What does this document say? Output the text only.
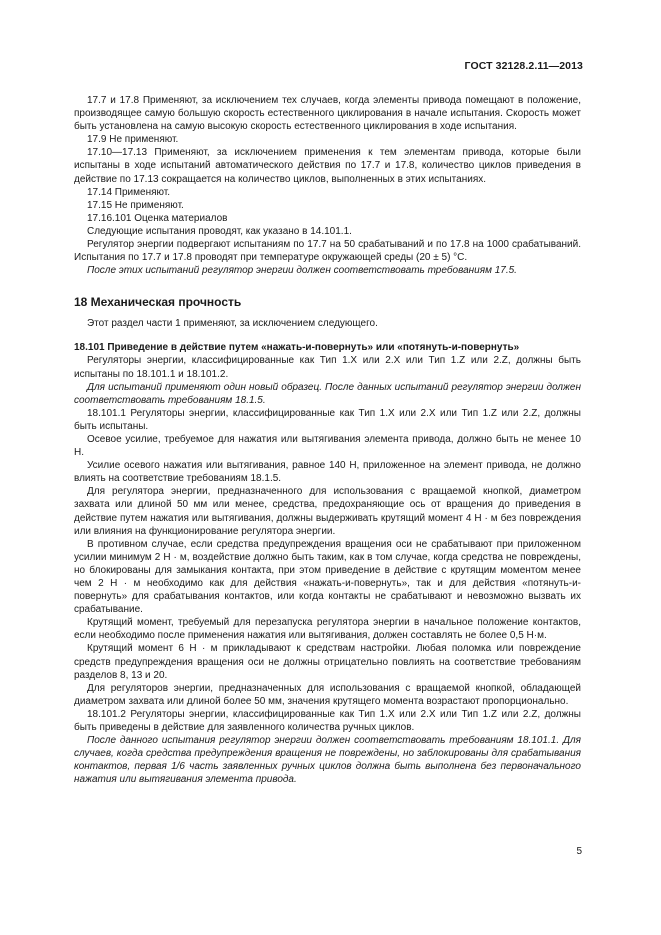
ГОСТ 32128.2.11—2013

17.7 и 17.8 Применяют, за исключением тех случаев, когда элементы привода помещают в положение, производящее самую большую скорость естественного циклирования в начале испытания. Скорость может быть установлена на самую высокую скорость естественного циклирования в ходе испытания.

17.9 Не применяют.

17.10—17.13 Применяют, за исключением применения к тем элементам привода, которые были испытаны в ходе испытаний автоматического действия по 17.7 и 17.8, количество циклов приведения в действие по 17.13 сокращается на количество циклов, выполненных в этих испытаниях.

17.14 Применяют.

17.15 Не применяют.

17.16.101 Оценка материалов

Следующие испытания проводят, как указано в 14.101.1.

Регулятор энергии подвергают испытаниям по 17.7 на 50 срабатываний и по 17.8 на 1000 срабатываний. Испытания по 17.7 и 17.8 проводят при температуре окружающей среды (20 ± 5) °С.

После этих испытаний регулятор энергии должен соответствовать требованиям 17.5.

18 Механическая прочность

Этот раздел части 1 применяют, за исключением следующего.

18.101 Приведение в действие путем «нажать-и-повернуть» или «потянуть-и-повернуть»

Регуляторы энергии, классифицированные как Тип 1.X или 2.X или Тип 1.Z или 2.Z, должны быть испытаны по 18.101.1 и 18.101.2.

Для испытаний применяют один новый образец. После данных испытаний регулятор энергии должен соответствовать требованиям 18.1.5.

18.101.1 Регуляторы энергии, классифицированные как Тип 1.X или 2.X или Тип 1.Z или 2.Z, должны быть испытаны.

Осевое усилие, требуемое для нажатия или вытягивания элемента привода, должно быть не менее 10 Н.

Усилие осевого нажатия или вытягивания, равное 140 Н, приложенное на элемент привода, не должно влиять на соответствие требованиям 18.1.5.

Для регулятора энергии, предназначенного для использования с вращаемой кнопкой, диаметром захвата или длиной 50 мм или менее, средства, предохраняющие ось от вращения до приведения в действие путем нажатия или вытягивания, должны выдерживать крутящий момент 4 Н · м без повреждения или влияния на функционирование регулятора энергии.

В противном случае, если средства предупреждения вращения оси не срабатывают при приложенном усилии минимум 2 Н · м, воздействие должно быть таким, как в том случае, когда средства не повреждены, но блокированы для замыкания контакта, при этом приведение в действие с крутящим моментом менее чем 2 Н · м необходимо как для действия «нажать-и-повернуть», так и для действия «потянуть-и-повернуть» для срабатывания контактов, или когда контакты не срабатывают и невозможно вызвать их срабатывание.

Крутящий момент, требуемый для перезапуска регулятора энергии в начальное положение контактов, если необходимо после применения нажатия или вытягивания, должен составлять не более 0,5 Н·м.

Крутящий момент 6 Н · м прикладывают к средствам настройки. Любая поломка или повреждение средств предупреждения вращения оси не должны отрицательно повлиять на соответствие требованиям разделов 8, 13 и 20.

Для регуляторов энергии, предназначенных для использования с вращаемой кнопкой, обладающей диаметром захвата или длиной более 50 мм, значения крутящего момента возрастают пропорционально.

18.101.2 Регуляторы энергии, классифицированные как Тип 1.X или 2.X или Тип 1.Z или 2.Z, должны быть приведены в действие для заявленного количества ручных циклов.

После данного испытания регулятор энергии должен соответствовать требованиям 18.101.1. Для случаев, когда средства предупреждения вращения не повреждены, но заблокированы для срабатывания контактов, первая 1/6 часть заявленных ручных циклов должна быть выполнена без первоначального нажатия или вытягивания элемента привода.

5
